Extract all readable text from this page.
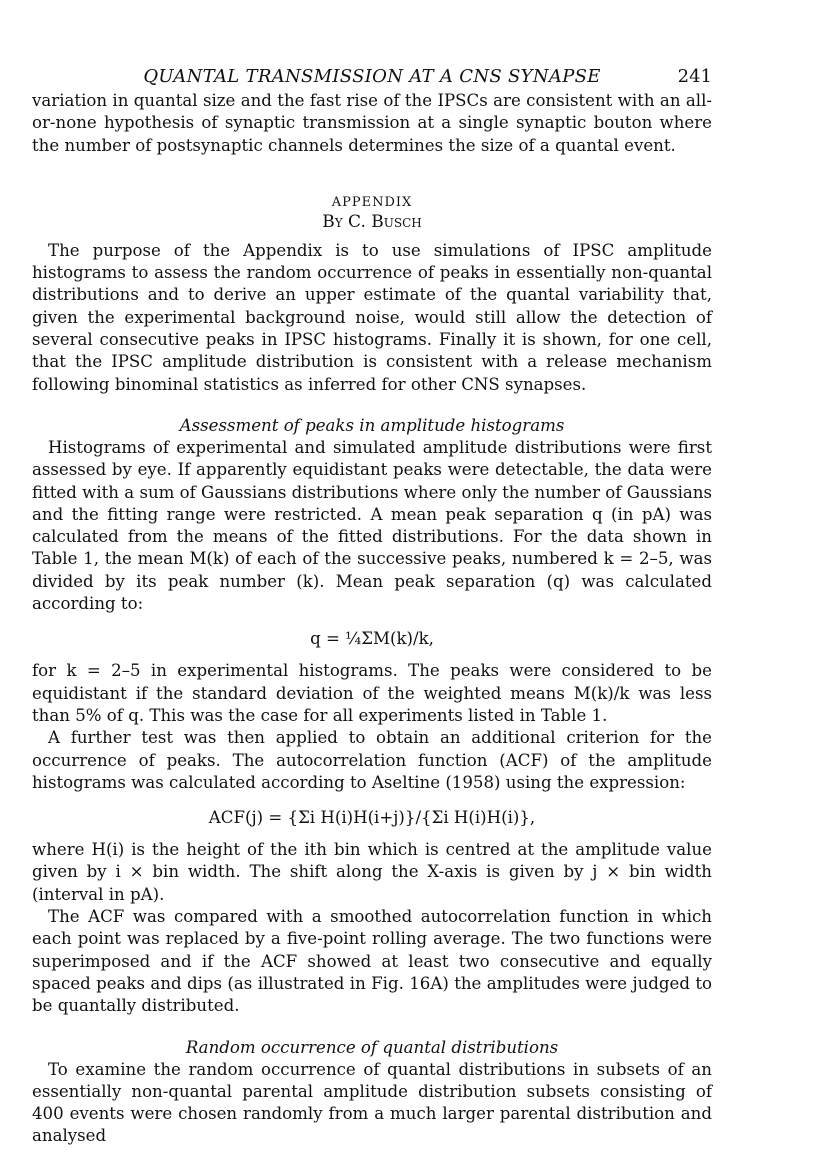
QUANTAL TRANSMISSION AT A CNS SYNAPSE	241

variation in quantal size and the fast rise of the IPSCs are consistent with an all-or-none hypothesis of synaptic transmission at a single synaptic bouton where the number of postsynaptic channels determines the size of a quantal event.

APPENDIX
By C. Busch

The purpose of the Appendix is to use simulations of IPSC amplitude histograms to assess the random occurrence of peaks in essentially non-quantal distributions and to derive an upper estimate of the quantal variability that, given the experimental background noise, would still allow the detection of several consecutive peaks in IPSC histograms. Finally it is shown, for one cell, that the IPSC amplitude distribution is consistent with a release mechanism following binominal statistics as inferred for other CNS synapses.

Assessment of peaks in amplitude histograms

Histograms of experimental and simulated amplitude distributions were first assessed by eye. If apparently equidistant peaks were detectable, the data were fitted with a sum of Gaussians distributions where only the number of Gaussians and the fitting range were restricted. A mean peak separation q (in pA) was calculated from the means of the fitted distributions. For the data shown in Table 1, the mean M(k) of each of the successive peaks, numbered k = 2–5, was divided by its peak number (k). Mean peak separation (q) was calculated according to:

q = ¼ΣM(k)/k,

for k = 2–5 in experimental histograms. The peaks were considered to be equidistant if the standard deviation of the weighted means M(k)/k was less than 5% of q. This was the case for all experiments listed in Table 1.

A further test was then applied to obtain an additional criterion for the occurrence of peaks. The autocorrelation function (ACF) of the amplitude histograms was calculated according to Aseltine (1958) using the expression:

ACF(j) = {Σi H(i)H(i+j)}/{Σi H(i)H(i)},

where H(i) is the height of the ith bin which is centred at the amplitude value given by i × bin width. The shift along the X-axis is given by j × bin width (interval in pA).

The ACF was compared with a smoothed autocorrelation function in which each point was replaced by a five-point rolling average. The two functions were superimposed and if the ACF showed at least two consecutive and equally spaced peaks and dips (as illustrated in Fig. 16A) the amplitudes were judged to be quantally distributed.

Random occurrence of quantal distributions

To examine the random occurrence of quantal distributions in subsets of an essentially non-quantal parental amplitude distribution subsets consisting of 400 events were chosen randomly from a much larger parental distribution and analysed
